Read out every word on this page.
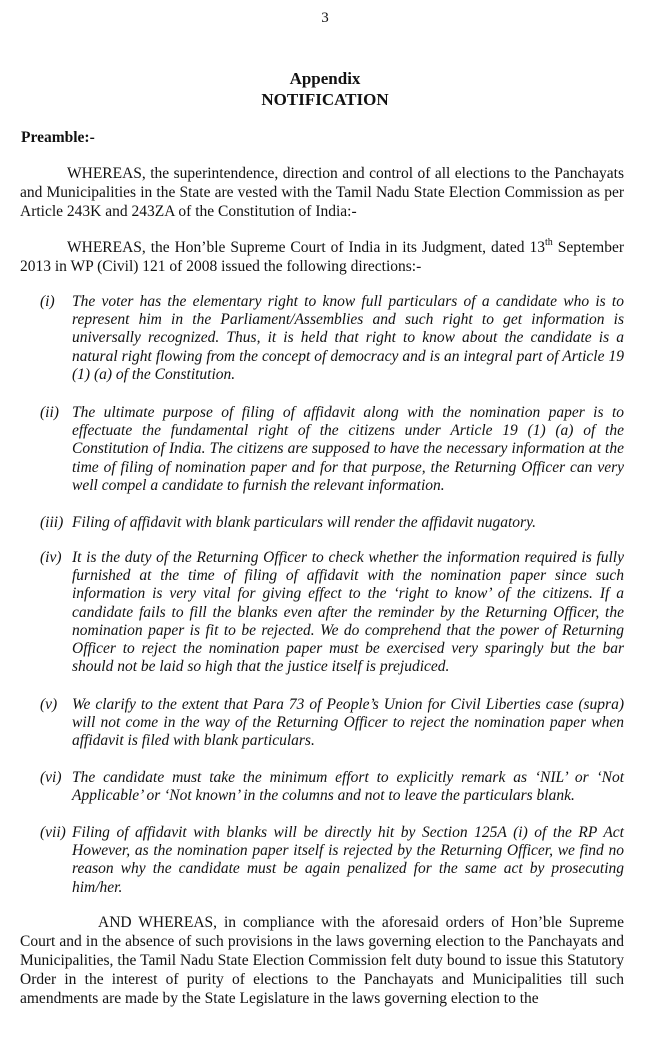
3
Appendix
NOTIFICATION
Preamble:-
WHEREAS, the superintendence, direction and control of all elections to the Panchayats and Municipalities in the State are vested with the Tamil Nadu State Election Commission as per Article 243K and 243ZA of the Constitution of India:-
WHEREAS, the Hon’ble Supreme Court of India in its Judgment, dated 13th September 2013 in WP (Civil) 121 of 2008 issued the following directions:-
(i) The voter has the elementary right to know full particulars of a candidate who is to represent him in the Parliament/Assemblies and such right to get information is universally recognized. Thus, it is held that right to know about the candidate is a natural right flowing from the concept of democracy and is an integral part of Article 19 (1) (a) of the Constitution.
(ii) The ultimate purpose of filing of affidavit along with the nomination paper is to effectuate the fundamental right of the citizens under Article 19 (1) (a) of the Constitution of India. The citizens are supposed to have the necessary information at the time of filing of nomination paper and for that purpose, the Returning Officer can very well compel a candidate to furnish the relevant information.
(iii) Filing of affidavit with blank particulars will render the affidavit nugatory.
(iv) It is the duty of the Returning Officer to check whether the information required is fully furnished at the time of filing of affidavit with the nomination paper since such information is very vital for giving effect to the ‘right to know’ of the citizens. If a candidate fails to fill the blanks even after the reminder by the Returning Officer, the nomination paper is fit to be rejected. We do comprehend that the power of Returning Officer to reject the nomination paper must be exercised very sparingly but the bar should not be laid so high that the justice itself is prejudiced.
(v) We clarify to the extent that Para 73 of People’s Union for Civil Liberties case (supra) will not come in the way of the Returning Officer to reject the nomination paper when affidavit is filed with blank particulars.
(vi) The candidate must take the minimum effort to explicitly remark as ‘NIL’ or ‘Not Applicable’ or ‘Not known’ in the columns and not to leave the particulars blank.
(vii) Filing of affidavit with blanks will be directly hit by Section 125A (i) of the RP Act However, as the nomination paper itself is rejected by the Returning Officer, we find no reason why the candidate must be again penalized for the same act by prosecuting him/her.
AND WHEREAS, in compliance with the aforesaid orders of Hon’ble Supreme Court and in the absence of such provisions in the laws governing election to the Panchayats and Municipalities, the Tamil Nadu State Election Commission felt duty bound to issue this Statutory Order in the interest of purity of elections to the Panchayats and Municipalities till such amendments are made by the State Legislature in the laws governing election to the
